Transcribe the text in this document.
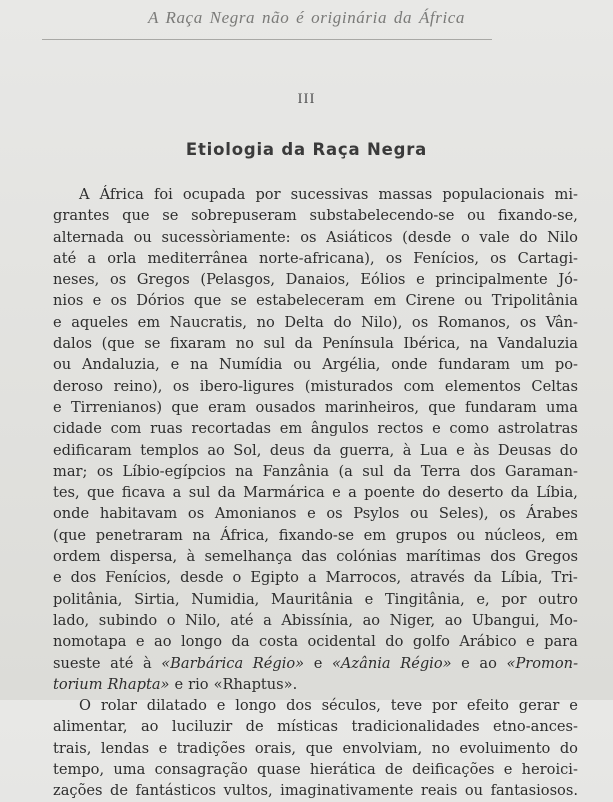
A Raça Negra não é originária da África
III
Etiologia da Raça Negra
A África foi ocupada por sucessivas massas populacionais mi-
grantes que se sobrepuseram substabelecendo-se ou fixando-se,
alternada ou sucessòriamente: os Asiáticos (desde o vale do Nilo
até a orla mediterrânea norte-africana), os Fenícios, os Cartagi-
neses, os Gregos (Pelasgos, Danaios, Eólios e principalmente Jó-
nios e os Dórios que se estabeleceram em Cirene ou Tripolitânia
e aqueles em Naucratis, no Delta do Nilo), os Romanos, os Vân-
dalos (que se fixaram no sul da Península Ibérica, na Vandaluzia
ou Andaluzia, e na Numídia ou Argélia, onde fundaram um po-
deroso reino), os ibero-ligures (misturados com elementos Celtas
e Tirrenianos) que eram ousados marinheiros, que fundaram uma
cidade com ruas recortadas em ângulos rectos e como astrolatras
edificaram templos ao Sol, deus da guerra, à Lua e às Deusas do
mar; os Líbio-egípcios na Fanzânia (a sul da Terra dos Garaman-
tes, que ficava a sul da Marmárica e a poente do deserto da Líbia,
onde habitavam os Amonianos e os Psylos ou Seles), os Árabes
(que penetraram na África, fixando-se em grupos ou núcleos, em
ordem dispersa, à semelhança das colónias marítimas dos Gregos
e dos Fenícios, desde o Egipto a Marrocos, através da Líbia, Tri-
politânia, Sirtia, Numidia, Mauritânia e Tingitânia, e, por outro
lado, subindo o Nilo, até a Abissínia, ao Niger, ao Ubangui, Mo-
nomotapa e ao longo da costa ocidental do golfo Arábico e para
sueste até à «Barbárica Régio» e «Azânia Régio» e ao «Promon-
torium Rhapta» e rio «Rhaptus».
O rolar dilatado e longo dos séculos, teve por efeito gerar e
alimentar, ao luciluzir de místicas tradicionalidades etno-ances-
trais, lendas e tradições orais, que envolviam, no evoluimento do
tempo, uma consagração quase hierática de deificações e heroici-
zações de fantásticos vultos, imaginativamente reais ou fantasiosos.
